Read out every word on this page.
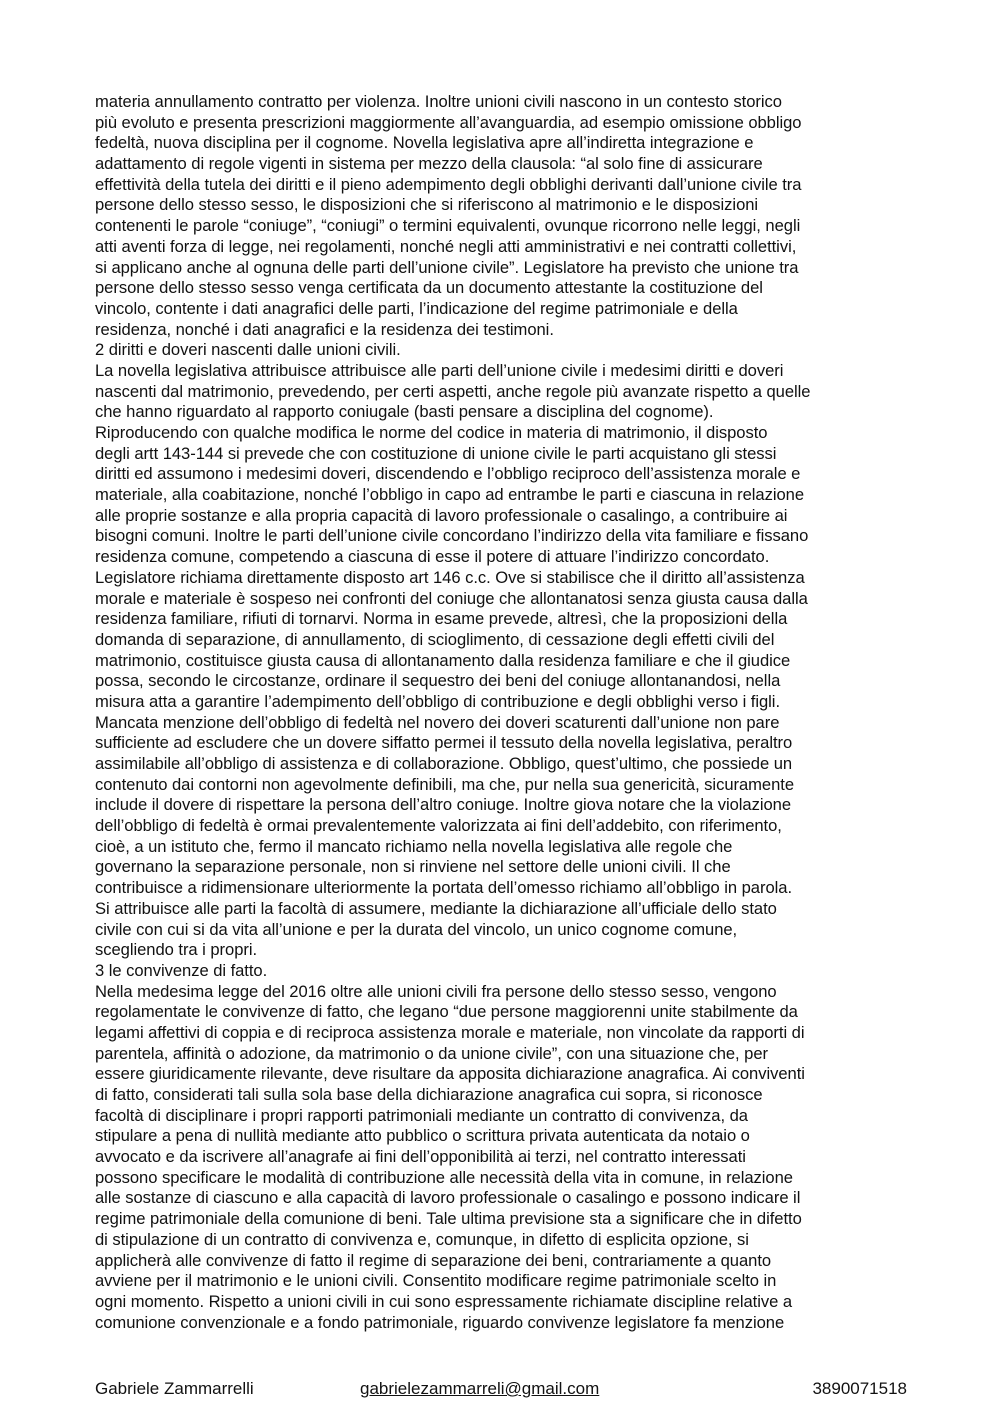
materia annullamento contratto per violenza. Inoltre unioni civili nascono in un contesto storico
più evoluto e presenta prescrizioni maggiormente all’avanguardia, ad esempio omissione obbligo
fedeltà, nuova disciplina per il cognome. Novella legislativa apre all’indiretta integrazione e
adattamento di regole vigenti in sistema per mezzo della clausola: “al solo fine di assicurare
effettività della tutela dei diritti e il pieno adempimento degli obblighi derivanti dall’unione civile tra
persone dello stesso sesso, le disposizioni che si riferiscono al matrimonio e le disposizioni
contenenti le parole “coniuge”, “coniugi” o termini equivalenti, ovunque ricorrono nelle leggi, negli
atti aventi forza di legge, nei regolamenti, nonché negli atti amministrativi e nei contratti collettivi,
si applicano anche al ognuna delle parti dell’unione civile”. Legislatore ha previsto che unione tra
persone dello stesso sesso venga certificata da un documento attestante la costituzione del
vincolo, contente i dati anagrafici delle parti, l’indicazione del regime patrimoniale e della
residenza, nonché i dati anagrafici e la residenza dei testimoni.
2 diritti e doveri nascenti dalle unioni civili.
La novella legislativa attribuisce attribuisce alle parti dell’unione civile i medesimi diritti e doveri
nascenti dal matrimonio, prevedendo, per certi aspetti, anche regole più avanzate rispetto a quelle
che hanno riguardato al rapporto coniugale (basti pensare a disciplina del cognome).
Riproducendo con qualche modifica le norme del codice in materia di matrimonio, il disposto
degli artt 143-144 si prevede che con costituzione di unione civile le parti acquistano gli stessi
diritti ed assumono i medesimi doveri, discendendo e l’obbligo reciproco dell’assistenza morale e
materiale, alla coabitazione, nonché l’obbligo in capo ad entrambe le parti e ciascuna in relazione
alle proprie sostanze e alla propria capacità di lavoro professionale o casalingo, a contribuire ai
bisogni comuni. Inoltre le parti dell’unione civile concordano l’indirizzo della vita familiare e fissano
residenza comune, competendo a ciascuna di esse il potere di attuare l’indirizzo concordato.
Legislatore richiama direttamente disposto art 146 c.c. Ove si stabilisce che il diritto all’assistenza
morale e materiale è sospeso nei confronti del coniuge che allontanatosi senza giusta causa dalla
residenza familiare, rifiuti di tornarvi. Norma in esame prevede, altresì, che la proposizioni della
domanda di separazione, di annullamento, di scioglimento, di cessazione degli effetti civili del
matrimonio, costituisce giusta causa di allontanamento dalla residenza familiare e che il giudice
possa, secondo le circostanze, ordinare il sequestro dei beni del coniuge allontanandosi, nella
misura atta a garantire l’adempimento dell’obbligo di contribuzione e degli obblighi verso i figli.
Mancata menzione dell’obbligo di fedeltà nel novero dei doveri scaturenti dall’unione non pare
sufficiente ad escludere che un dovere siffatto permei il tessuto della novella legislativa, peraltro
assimilabile all’obbligo di assistenza e di collaborazione. Obbligo, quest’ultimo, che possiede un
contenuto dai contorni non agevolmente definibili, ma che, pur nella sua genericità, sicuramente
include il dovere di rispettare la persona dell’altro coniuge. Inoltre giova notare che la violazione
dell’obbligo di fedeltà è ormai prevalentemente valorizzata ai fini dell’addebito, con riferimento,
cioè, a un istituto che, fermo il mancato richiamo nella novella legislativa alle regole che
governano la separazione personale, non si rinviene nel settore delle unioni civili. Il che
contribuisce a ridimensionare ulteriormente la portata dell’omesso richiamo all’obbligo in parola.
Si attribuisce alle parti la facoltà di assumere, mediante la dichiarazione all’ufficiale dello stato
civile con cui si da vita all’unione e per la durata del vincolo, un unico cognome comune,
scegliendo tra i propri.
3 le convivenze di fatto.
Nella medesima legge del 2016 oltre alle unioni civili fra persone dello stesso sesso, vengono
regolamentate le convivenze di fatto, che legano “due persone maggiorenni unite stabilmente da
legami affettivi di coppia e di reciproca assistenza morale e materiale, non vincolate da rapporti di
parentela, affinità o adozione, da matrimonio o da unione civile”, con una situazione che, per
essere giuridicamente rilevante, deve risultare da apposita dichiarazione anagrafica. Ai conviventi
di fatto, considerati tali sulla sola base della dichiarazione anagrafica cui sopra, si riconosce
facoltà di disciplinare i propri rapporti patrimoniali mediante un contratto di convivenza, da
stipulare a pena di nullità mediante atto pubblico o scrittura privata autenticata da notaio o
avvocato e da iscrivere all’anagrafe ai fini dell’opponibilità ai terzi, nel contratto interessati
possono specificare le modalità di contribuzione alle necessità della vita in comune, in relazione
alle sostanze di ciascuno e alla capacità di lavoro professionale o casalingo e possono indicare il
regime patrimoniale della comunione di beni. Tale ultima previsione sta a significare che in difetto
di stipulazione di un contratto di convivenza e, comunque, in difetto di esplicita opzione, si
applicherà alle convivenze di fatto il regime di separazione dei beni, contrariamente a quanto
avviene per il matrimonio e le unioni civili. Consentito modificare regime patrimoniale scelto in
ogni momento. Rispetto a unioni civili in cui sono espressamente richiamate discipline relative a
comunione convenzionale e a fondo patrimoniale, riguardo convivenze legislatore fa menzione
Gabriele Zammarrelli	gabrielezammarreli@gmail.com	3890071518
